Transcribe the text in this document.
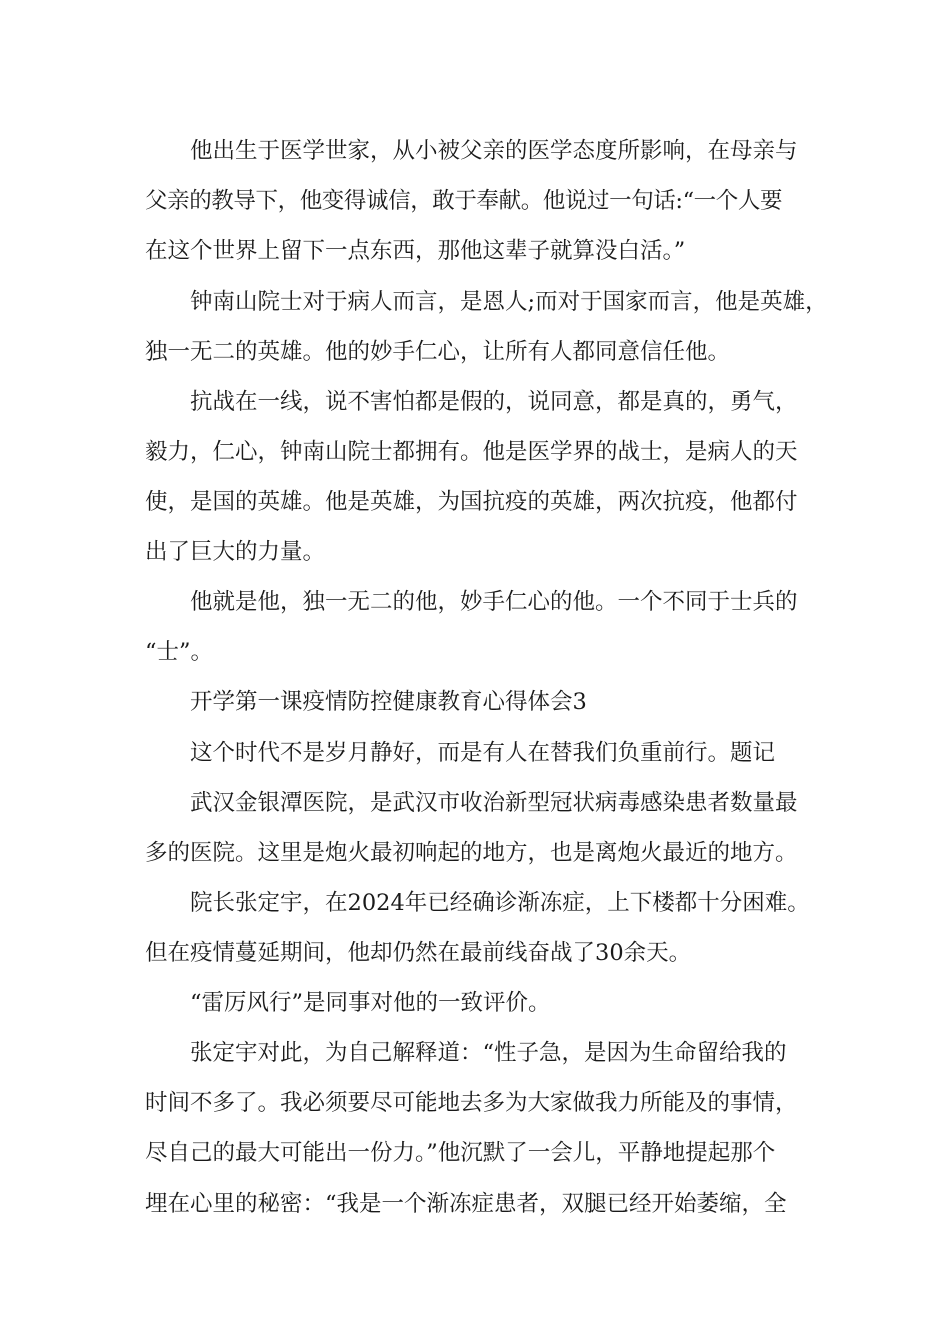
他出生于医学世家，从小被父亲的医学态度所影响，在母亲与

父亲的教导下，他变得诚信，敢于奉献。他说过一句话:“一个人要

在这个世界上留下一点东西，那他这辈子就算没白活。”

钟南山院士对于病人而言，是恩人;而对于国家而言，他是英雄，

独一无二的英雄。他的妙手仁心，让所有人都同意信任他。

抗战在一线，说不害怕都是假的，说同意，都是真的，勇气，

毅力，仁心，钟南山院士都拥有。他是医学界的战士，是病人的天

使，是国的英雄。他是英雄，为国抗疫的英雄，两次抗疫，他都付

出了巨大的力量。

他就是他，独一无二的他，妙手仁心的他。一个不同于士兵的

“士”。

开学第一课疫情防控健康教育心得体会3

这个时代不是岁月静好，而是有人在替我们负重前行。题记

武汉金银潭医院，是武汉市收治新型冠状病毒感染患者数量最

多的医院。这里是炮火最初响起的地方，也是离炮火最近的地方。

院长张定宇，在2024年已经确诊渐冻症，上下楼都十分困难。

但在疫情蔓延期间，他却仍然在最前线奋战了30余天。

“雷厉风行”是同事对他的一致评价。

张定宇对此，为自己解释道：“性子急，是因为生命留给我的

时间不多了。我必须要尽可能地去多为大家做我力所能及的事情，

尽自己的最大可能出一份力。”他沉默了一会儿，平静地提起那个

埋在心里的秘密：“我是一个渐冻症患者，双腿已经开始萎缩，全
